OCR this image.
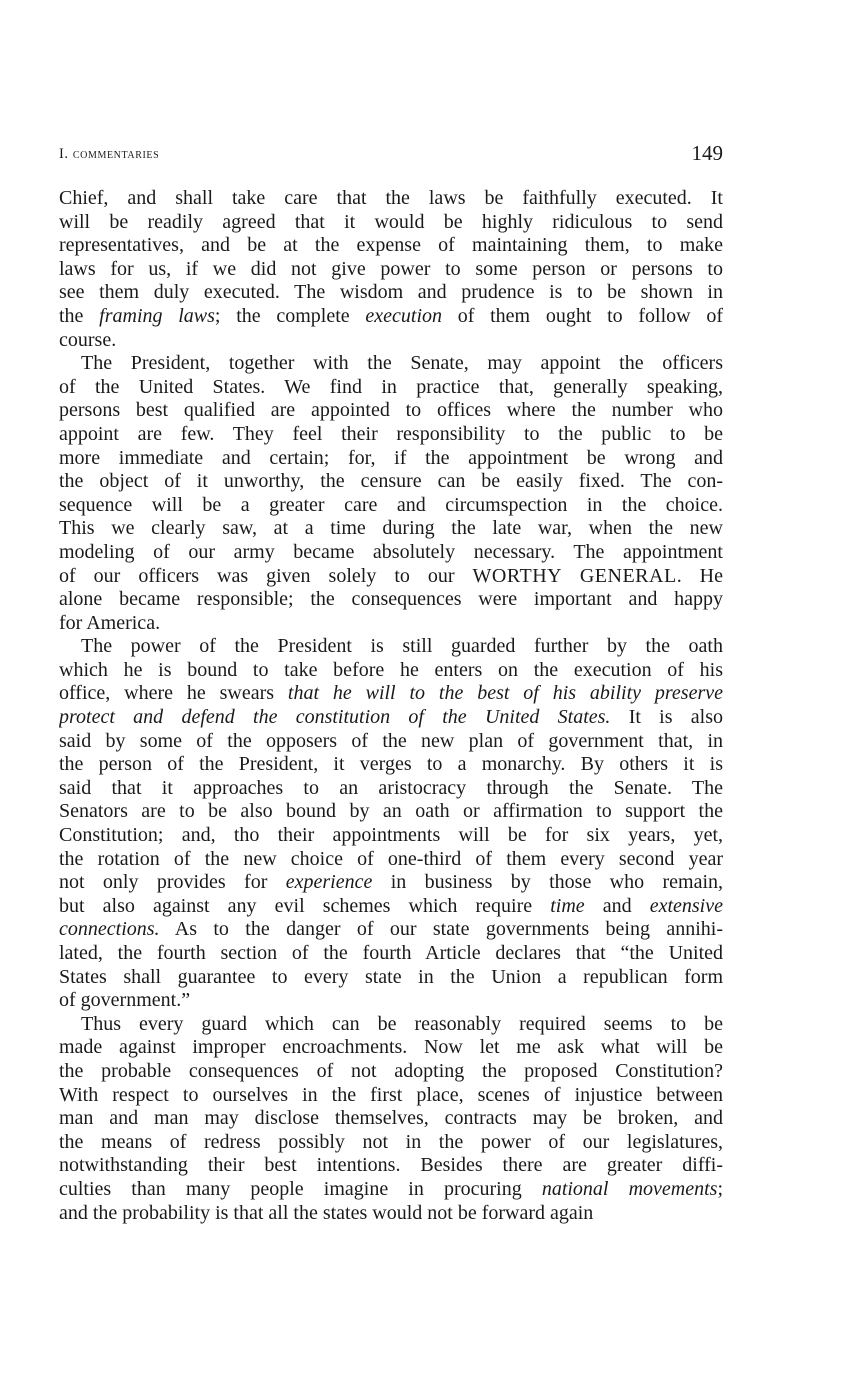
I. commentaries	149
Chief, and shall take care that the laws be faithfully executed. It
will be readily agreed that it would be highly ridiculous to send
representatives, and be at the expense of maintaining them, to make
laws for us, if we did not give power to some person or persons to
see them duly executed. The wisdom and prudence is to be shown in
the framing laws; the complete execution of them ought to follow of
course.
The President, together with the Senate, may appoint the officers
of the United States. We find in practice that, generally speaking,
persons best qualified are appointed to offices where the number who
appoint are few. They feel their responsibility to the public to be
more immediate and certain; for, if the appointment be wrong and
the object of it unworthy, the censure can be easily fixed. The con-
sequence will be a greater care and circumspection in the choice.
This we clearly saw, at a time during the late war, when the new
modeling of our army became absolutely necessary. The appointment
of our officers was given solely to our WORTHY GENERAL. He
alone became responsible; the consequences were important and happy
for America.
The power of the President is still guarded further by the oath
which he is bound to take before he enters on the execution of his
office, where he swears that he will to the best of his ability preserve
protect and defend the constitution of the United States. It is also
said by some of the opposers of the new plan of government that, in
the person of the President, it verges to a monarchy. By others it is
said that it approaches to an aristocracy through the Senate. The
Senators are to be also bound by an oath or affirmation to support the
Constitution; and, tho their appointments will be for six years, yet,
the rotation of the new choice of one-third of them every second year
not only provides for experience in business by those who remain,
but also against any evil schemes which require time and extensive
connections. As to the danger of our state governments being annihi-
lated, the fourth section of the fourth Article declares that “the United
States shall guarantee to every state in the Union a republican form
of government.”
Thus every guard which can be reasonably required seems to be
made against improper encroachments. Now let me ask what will be
the probable consequences of not adopting the proposed Constitution?
With respect to ourselves in the first place, scenes of injustice between
man and man may disclose themselves, contracts may be broken, and
the means of redress possibly not in the power of our legislatures,
notwithstanding their best intentions. Besides there are greater diffi-
culties than many people imagine in procuring national movements;
and the probability is that all the states would not be forward again
